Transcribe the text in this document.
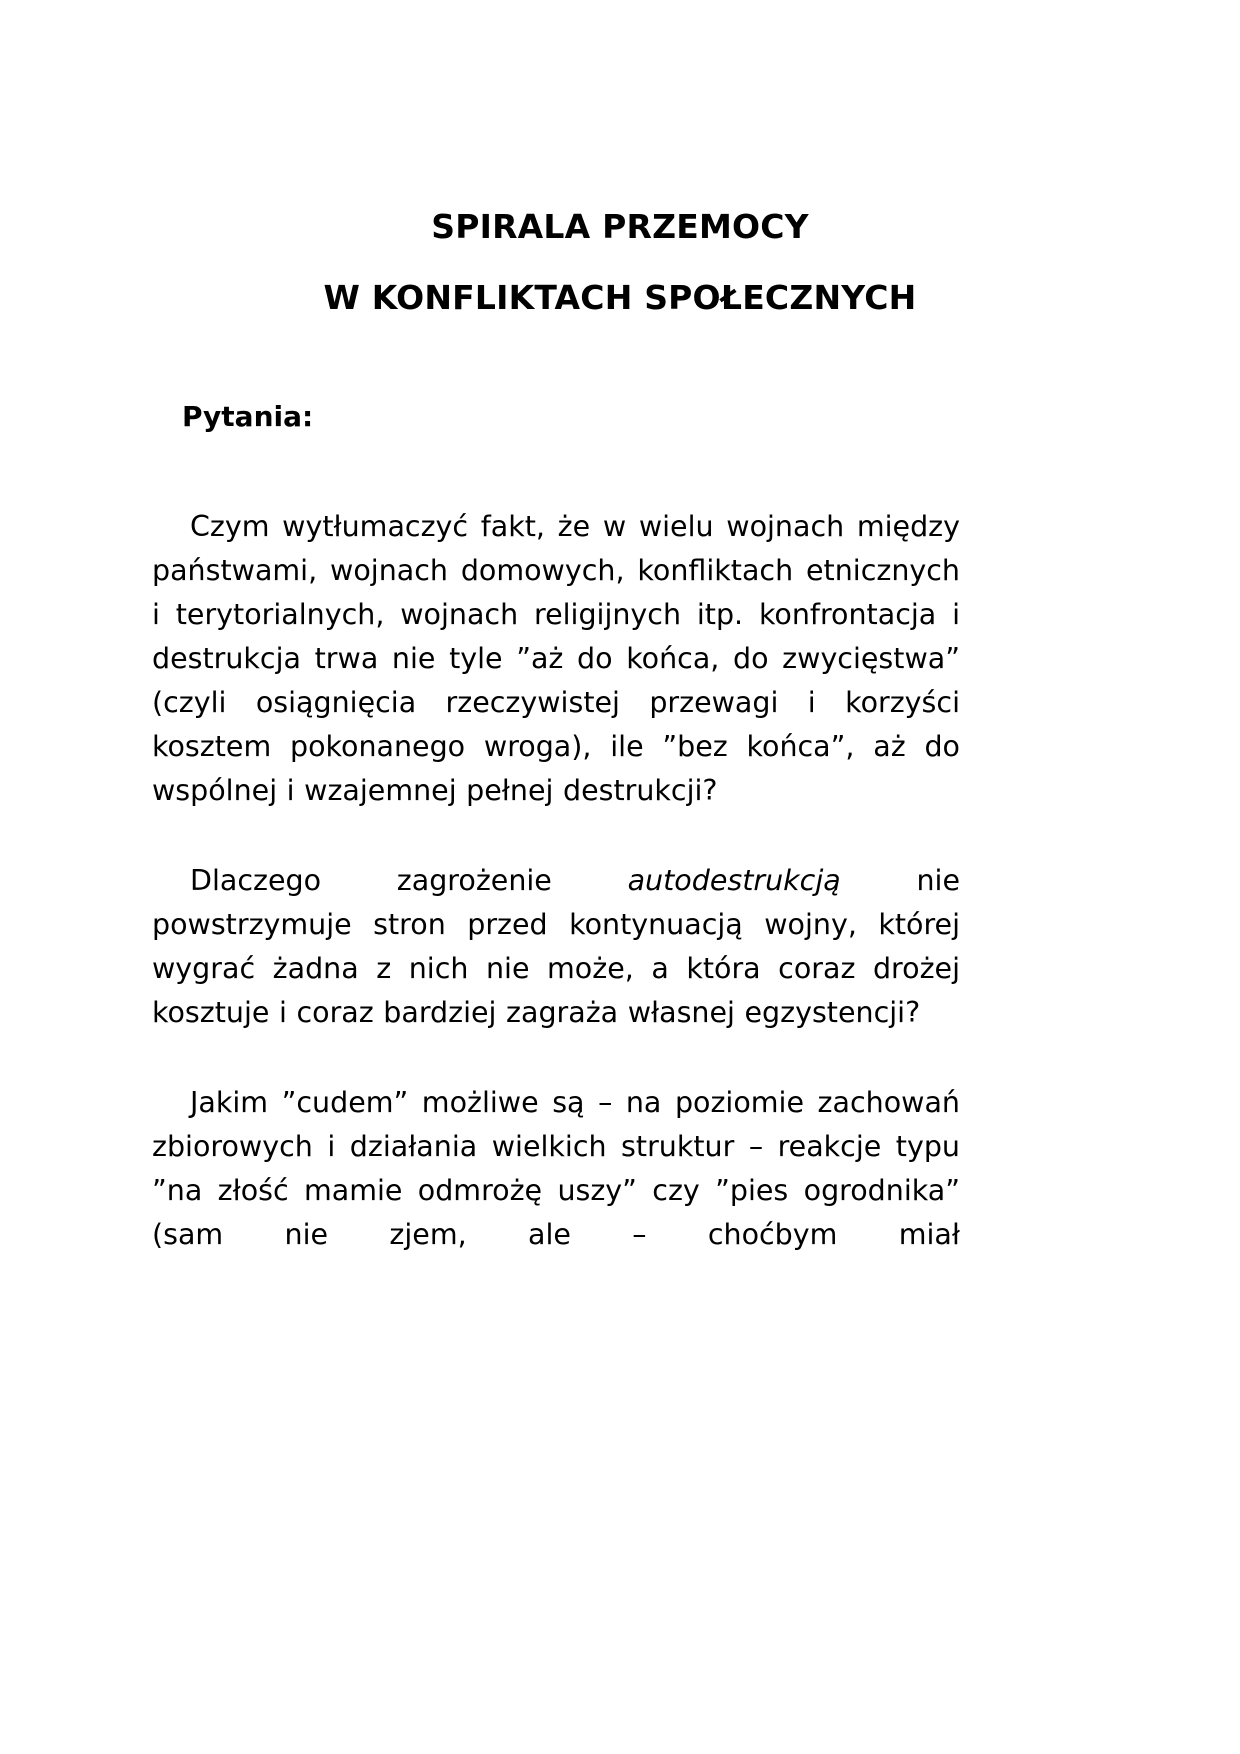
SPIRALA PRZEMOCY
W KONFLIKTACH SPOŁECZNYCH
Pytania:

Czym wytłumaczyć fakt, że w wielu wojnach między państwami, wojnach domowych, konfliktach etnicznych i terytorialnych, wojnach religijnych itp. konfrontacja i destrukcja trwa nie tyle ”aż do końca, do zwycięstwa” (czyli osiągnięcia rzeczywistej przewagi i korzyści kosztem pokonanego wroga), ile ”bez końca”, aż do wspólnej i wzajemnej pełnej destrukcji?

Dlaczego zagrożenie autodestrukcją nie powstrzymuje stron przed kontynuacją wojny, której wygrać żadna z nich nie może, a która coraz drożej kosztuje i coraz bardziej zagraża własnej egzystencji?

Jakim ”cudem” możliwe są – na poziomie zachowań zbiorowych i działania wielkich struktur – reakcje typu ”na złość mamie odmrożę uszy” czy ”pies ogrodnika” (sam nie zjem, ale – choćbym miał
